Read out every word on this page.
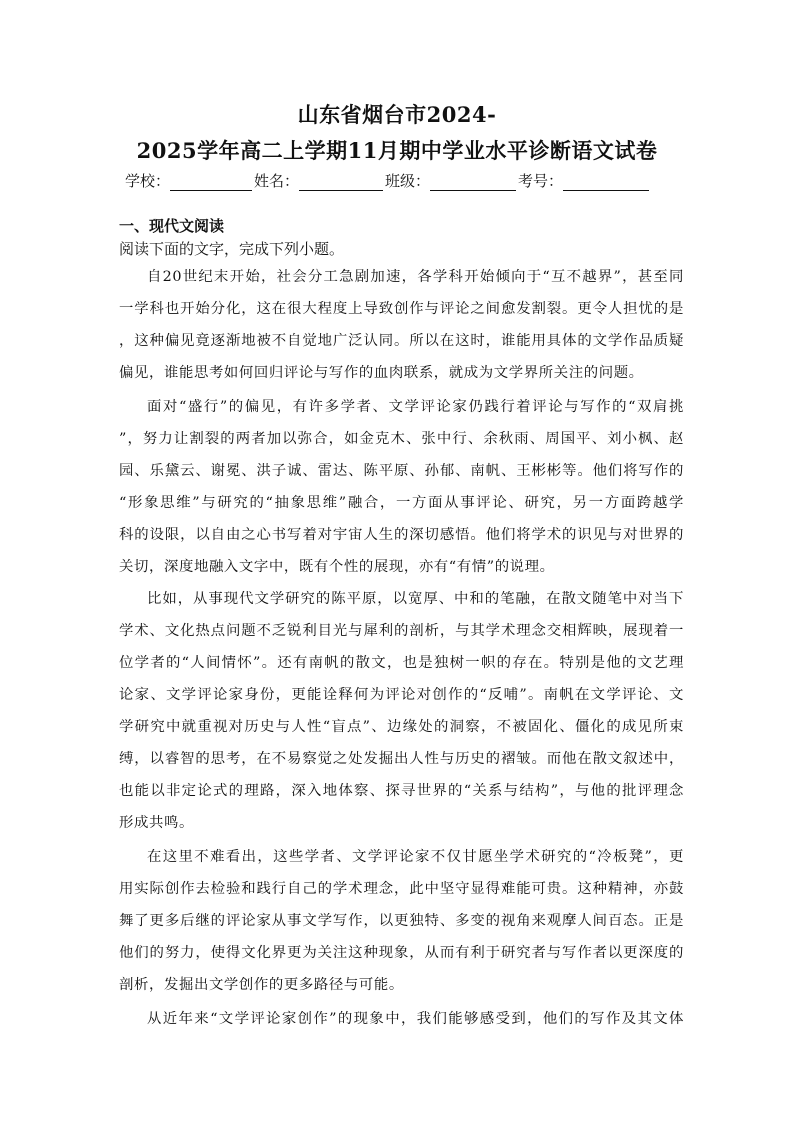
山东省烟台市2024-
2025学年高二上学期11月期中学业水平诊断语文试卷
学校：	姓名：	班级：	考号：
一、现代文阅读
阅读下面的文字，完成下列小题。
自20世纪末开始，社会分工急剧加速，各学科开始倾向于“互不越界”，甚至同
一学科也开始分化，这在很大程度上导致创作与评论之间愈发割裂。更令人担忧的是
，这种偏见竟逐渐地被不自觉地广泛认同。所以在这时，谁能用具体的文学作品质疑
偏见，谁能思考如何回归评论与写作的血肉联系，就成为文学界所关注的问题。
面对“盛行”的偏见，有许多学者、文学评论家仍践行着评论与写作的“双肩挑
”，努力让割裂的两者加以弥合，如金克木、张中行、余秋雨、周国平、刘小枫、赵
园、乐黛云、谢冕、洪子诚、雷达、陈平原、孙郁、南帆、王彬彬等。他们将写作的
“形象思维”与研究的“抽象思维”融合，一方面从事评论、研究，另一方面跨越学
科的设限，以自由之心书写着对宇宙人生的深切感悟。他们将学术的识见与对世界的
关切，深度地融入文字中，既有个性的展现，亦有“有情”的说理。
比如，从事现代文学研究的陈平原，以宽厚、中和的笔融，在散文随笔中对当下
学术、文化热点问题不乏锐利目光与犀利的剖析，与其学术理念交相辉映，展现着一
位学者的“人间情怀”。还有南帆的散文，也是独树一帜的存在。特别是他的文艺理
论家、文学评论家身份，更能诠释何为评论对创作的“反哺”。南帆在文学评论、文
学研究中就重视对历史与人性“盲点”、边缘处的洞察，不被固化、僵化的成见所束
缚，以睿智的思考，在不易察觉之处发掘出人性与历史的褶皱。而他在散文叙述中，
也能以非定论式的理路，深入地体察、探寻世界的“关系与结构”，与他的批评理念
形成共鸣。
在这里不难看出，这些学者、文学评论家不仅甘愿坐学术研究的“冷板凳”，更
用实际创作去检验和践行自己的学术理念，此中坚守显得难能可贵。这种精神，亦鼓
舞了更多后继的评论家从事文学写作，以更独特、多变的视角来观摩人间百态。正是
他们的努力，使得文化界更为关注这种现象，从而有利于研究者与写作者以更深度的
剖析，发掘出文学创作的更多路径与可能。
从近年来“文学评论家创作”的现象中，我们能够感受到，他们的写作及其文体
